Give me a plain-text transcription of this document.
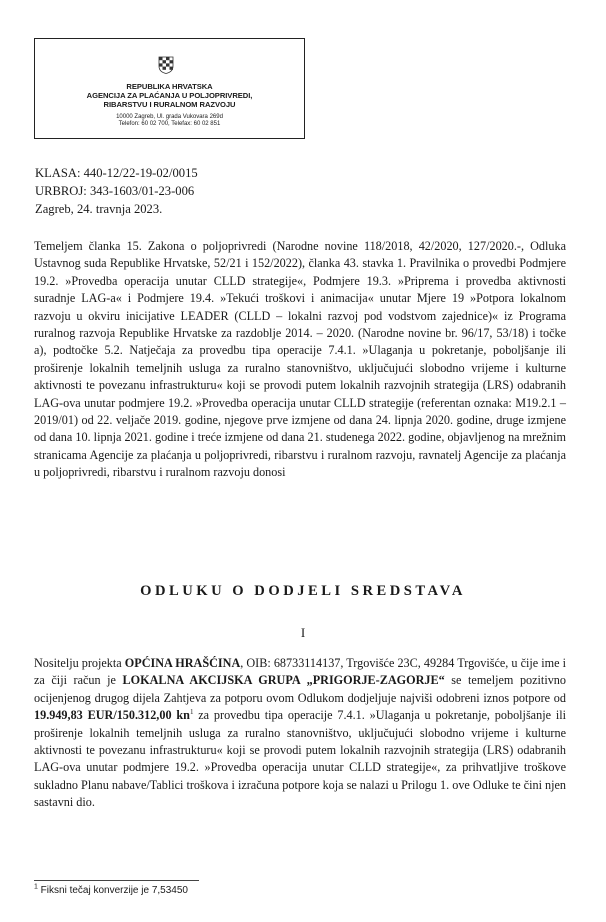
REPUBLIKA HRVATSKA
AGENCIJA ZA PLAĆANJA U POLJOPRIVREDI,
RIBARSTVU I RURALNOM RAZVOJU
10000 Zagreb, Ul. grada Vukovara 269d
Telefon: 60 02 700, Telefax: 60 02 851
KLASA: 440-12/22-19-02/0015
URBROJ: 343-1603/01-23-006
Zagreb, 24. travnja 2023.
Temeljem članka 15. Zakona o poljoprivredi (Narodne novine 118/2018, 42/2020, 127/2020.-, Odluka Ustavnog suda Republike Hrvatske, 52/21 i 152/2022), članka 43. stavka 1. Pravilnika o provedbi Podmjere 19.2. »Provedba operacija unutar CLLD strategije«, Podmjere 19.3. »Priprema i provedba aktivnosti suradnje LAG-a« i Podmjere 19.4. »Tekući troškovi i animacija« unutar Mjere 19 »Potpora lokalnom razvoju u okviru inicijative LEADER (CLLD – lokalni razvoj pod vodstvom zajednice)« iz Programa ruralnog razvoja Republike Hrvatske za razdoblje 2014. – 2020. (Narodne novine br. 96/17, 53/18) i točke a), podtočke 5.2. Natječaja za provedbu tipa operacije 7.4.1. »Ulaganja u pokretanje, poboljšanje ili proširenje lokalnih temeljnih usluga za ruralno stanovništvo, uključujući slobodno vrijeme i kulturne aktivnosti te povezanu infrastrukturu« koji se provodi putem lokalnih razvojnih strategija (LRS) odabranih LAG-ova unutar podmjere 19.2. »Provedba operacija unutar CLLD strategije (referentan oznaka: M19.2.1 – 2019/01) od 22. veljače 2019. godine, njegove prve izmjene od dana 24. lipnja 2020. godine, druge izmjene od dana 10. lipnja 2021. godine i treće izmjene od dana 21. studenega 2022. godine, objavljenog na mrežnim stranicama Agencije za plaćanja u poljoprivredi, ribarstvu i ruralnom razvoju, ravnatelj Agencije za plaćanja u poljoprivredi, ribarstvu i ruralnom razvoju donosi
ODLUKU O DODJELI SREDSTAVA
I
Nositelju projekta OPĆINA HRAŠĆINA, OIB: 68733114137, Trgovišće 23C, 49284 Trgovišće, u čije ime i za čiji račun je LOKALNA AKCIJSKA GRUPA „PRIGORJE-ZAGORJE“ se temeljem pozitivno ocijenjenog drugog dijela Zahtjeva za potporu ovom Odlukom dodjeljuje najviši odobreni iznos potpore od 19.949,83 EUR/150.312,00 $kn^1$ za provedbu tipa operacije 7.4.1. »Ulaganja u pokretanje, poboljšanje ili proširenje lokalnih temeljnih usluga za ruralno stanovništvo, uključujući slobodno vrijeme i kulturne aktivnosti te povezanu infrastrukturu« koji se provodi putem lokalnih razvojnih strategija (LRS) odabranih LAG-ova unutar podmjere 19.2. »Provedba operacija unutar CLLD strategije«, za prihvatljive troškove sukladno Planu nabave/Tablici troškova i izračuna potpore koja se nalazi u Prilogu 1. ove Odluke te čini njen sastavni dio.
$^1$ Fiksni tečaj konverzije je 7,53450
